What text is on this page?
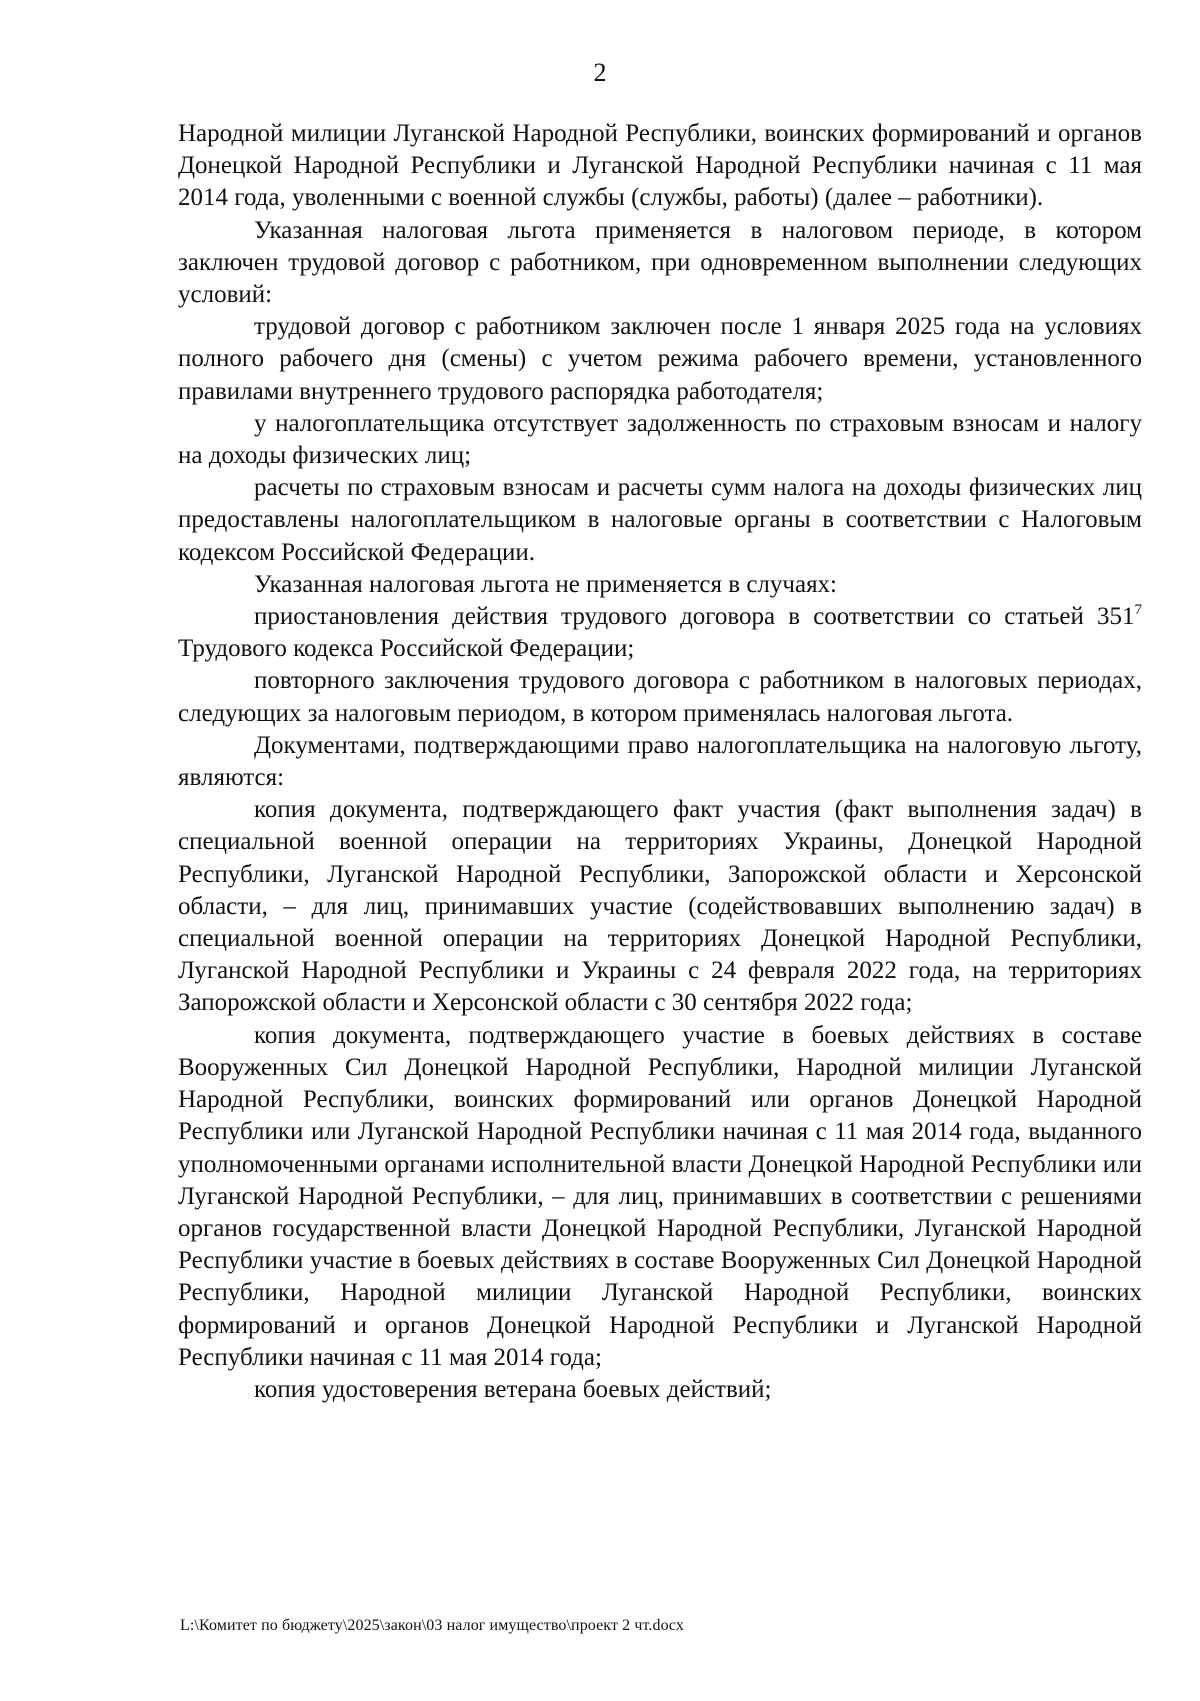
2

Народной милиции Луганской Народной Республики, воинских формирований и органов Донецкой Народной Республики и Луганской Народной Республики начиная с 11 мая 2014 года, уволенными с военной службы (службы, работы) (далее – работники).

Указанная налоговая льгота применяется в налоговом периоде, в котором заключен трудовой договор с работником, при одновременном выполнении следующих условий:

трудовой договор с работником заключен после 1 января 2025 года на условиях полного рабочего дня (смены) с учетом режима рабочего времени, установленного правилами внутреннего трудового распорядка работодателя;

у налогоплательщика отсутствует задолженность по страховым взносам и налогу на доходы физических лиц;

расчеты по страховым взносам и расчеты сумм налога на доходы физических лиц предоставлены налогоплательщиком в налоговые органы в соответствии с Налоговым кодексом Российской Федерации.

Указанная налоговая льгота не применяется в случаях:

приостановления действия трудового договора в соответствии со статьей $351^7$ Трудового кодекса Российской Федерации;

повторного заключения трудового договора с работником в налоговых периодах, следующих за налоговым периодом, в котором применялась налоговая льгота.

Документами, подтверждающими право налогоплательщика на налоговую льготу, являются:

копия документа, подтверждающего факт участия (факт выполнения задач) в специальной военной операции на территориях Украины, Донецкой Народной Республики, Луганской Народной Республики, Запорожской области и Херсонской области, – для лиц, принимавших участие (содействовавших выполнению задач) в специальной военной операции на территориях Донецкой Народной Республики, Луганской Народной Республики и Украины с 24 февраля 2022 года, на территориях Запорожской области и Херсонской области с 30 сентября 2022 года;

копия документа, подтверждающего участие в боевых действиях в составе Вооруженных Сил Донецкой Народной Республики, Народной милиции Луганской Народной Республики, воинских формирований или органов Донецкой Народной Республики или Луганской Народной Республики начиная с 11 мая 2014 года, выданного уполномоченными органами исполнительной власти Донецкой Народной Республики или Луганской Народной Республики, – для лиц, принимавших в соответствии с решениями органов государственной власти Донецкой Народной Республики, Луганской Народной Республики участие в боевых действиях в составе Вооруженных Сил Донецкой Народной Республики, Народной милиции Луганской Народной Республики, воинских формирований и органов Донецкой Народной Республики и Луганской Народной Республики начиная с 11 мая 2014 года;

копия удостоверения ветерана боевых действий;

L:\Комитет по бюджету\2025\закон\03 налог имущество\проект 2 чт.docx
